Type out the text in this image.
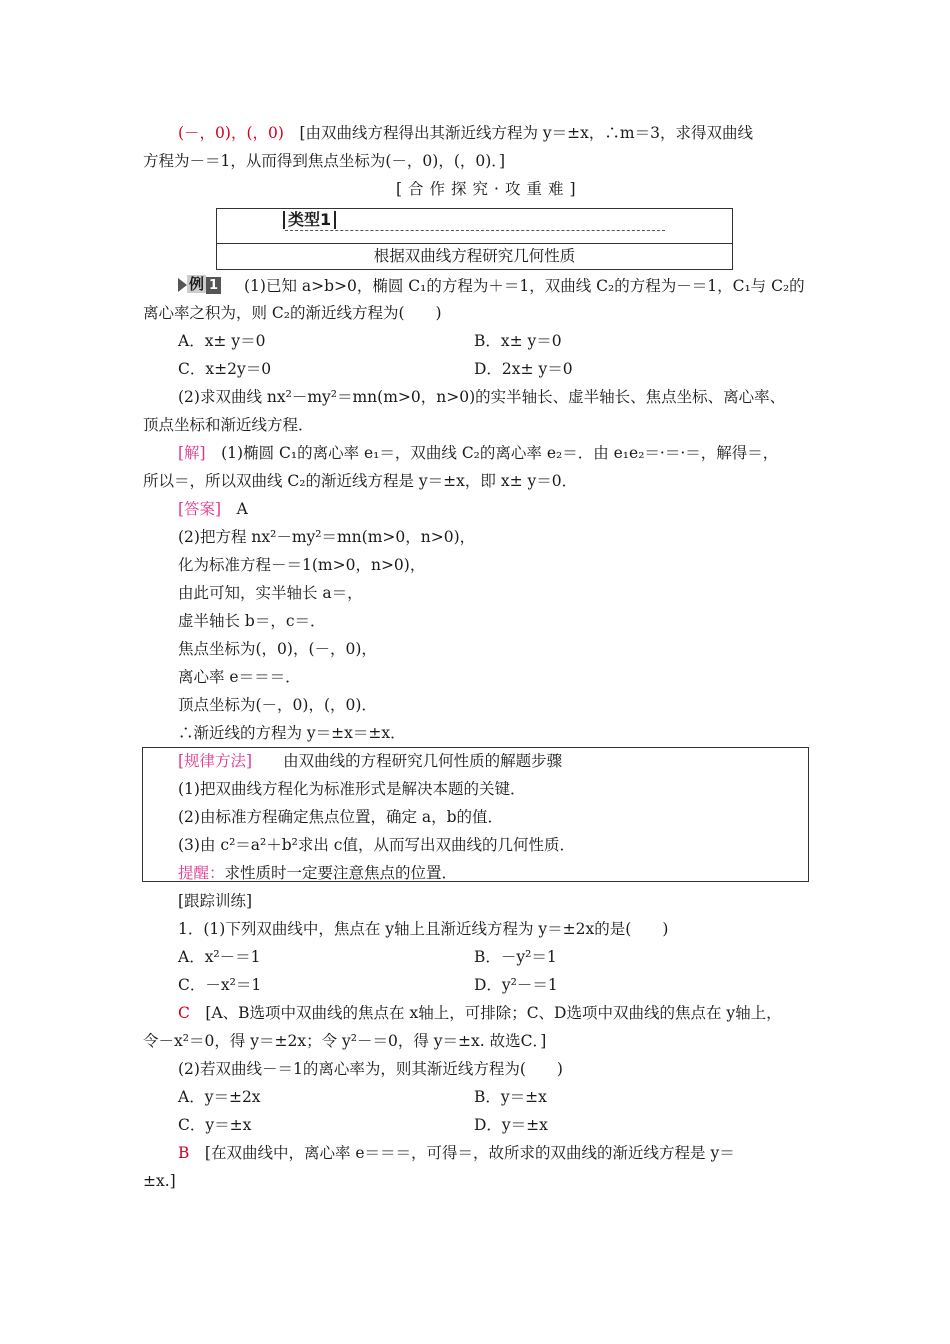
(－，0)，(，0)　 [由双曲线方程得出其渐近线方程为 y＝±x，∴m＝3，求得双曲线
方程为－＝1，从而得到焦点坐标为(－，0)，(，0)．]
[合作探究·攻重难]
类型1
根据双曲线方程研究几何性质
例 1 (1)已知 a>b>0，椭圆 C₁的方程为＋＝1，双曲线 C₂的方程为－＝1，C₁与 C₂的
离心率之积为，则 C₂的渐近线方程为(　　)
A．x± y＝0	B．x± y＝0
C．x±2y＝0	D．2x± y＝0
(2)求双曲线 nx²－my²＝mn(m>0，n>0)的实半轴长、虚半轴长、焦点坐标、离心率、
顶点坐标和渐近线方程．
[解]　 (1)椭圆 C₁的离心率 e₁＝，双曲线 C₂的离心率 e₂＝．由 e₁e₂＝·＝·＝，解得＝，
所以＝，所以双曲线 C₂的渐近线方程是 y＝±x，即 x± y＝0．
[答案]　 A
(2)把方程 nx²－my²＝mn(m>0，n>0)，
化为标准方程－＝1(m>0，n>0)，
由此可知，实半轴长 a＝，
虚半轴长 b＝，c＝．
焦点坐标为(，0)，(－，0)，
离心率 e＝＝＝．
顶点坐标为(－，0)，(，0)．
∴渐近线的方程为 y＝±x＝±x．
[规律方法]　　 由双曲线的方程研究几何性质的解题步骤
(1)把双曲线方程化为标准形式是解决本题的关键．
(2)由标准方程确定焦点位置，确定 a，b的值．
(3)由 c²＝a²＋b²求出 c值，从而写出双曲线的几何性质．
提醒：求性质时一定要注意焦点的位置．
[跟踪训练]
1．(1)下列双曲线中，焦点在 y轴上且渐近线方程为 y＝±2x的是(　　)
A．x²－＝1	B．－y²＝1
C．－x²＝1	D．y²－＝1
C　 [A、B选项中双曲线的焦点在 x轴上，可排除；C、D选项中双曲线的焦点在 y轴上，
令－x²＝0，得 y＝±2x；令 y²－＝0，得 y＝±x. 故选C．]
(2)若双曲线－＝1的离心率为，则其渐近线方程为(　　)
A．y＝±2x	B．y＝±x
C．y＝±x	D．y＝±x
B　 [在双曲线中，离心率 e＝＝＝，可得＝，故所求的双曲线的渐近线方程是 y＝
±x.]
